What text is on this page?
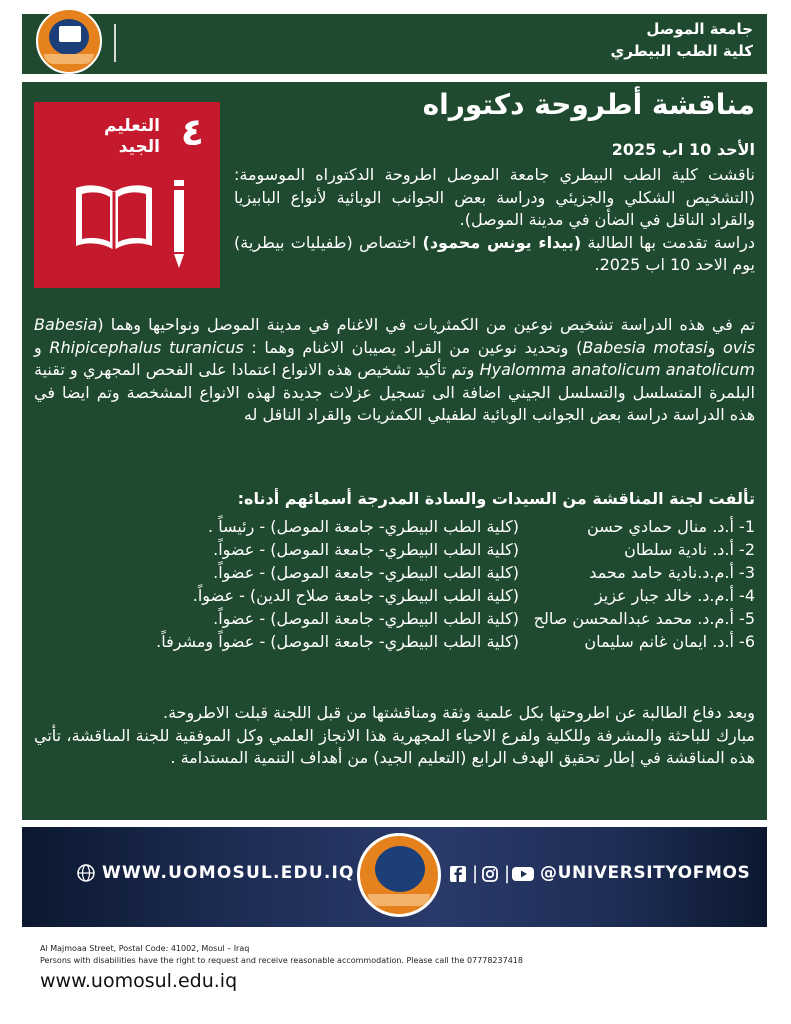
جامعة الموصل
كلية الطب البيطري
٤
التعليم
الجيد
مناقشة أطروحة دكتوراه
الأحد 10 اب 2025

ناقشت كلية الطب البيطري جامعة الموصل اطروحة الدكتوراه الموسومة: (التشخيص الشكلي والجزيئي ودراسة بعض الجوانب الوبائية لأنواع البابيزيا والقراد الناقل في الضأن في مدينة الموصل).

دراسة تقدمت بها الطالبة (بيداء يونس محمود) اختصاص (طفيليات بيطرية) يوم الاحد 10 اب 2025.

تم في هذه الدراسة تشخيص نوعين من الكمثريات في الاغنام في مدينة الموصل ونواحيها وهما (Babesia ovis وBabesia motasi) وتحديد نوعين من القراد يصيبان الاغنام وهما : Rhipicephalus turanicus و Hyalomma anatolicum anatolicum وتم تأكيد تشخيص هذه الانواع اعتمادا على الفحص المجهري و تقنية البلمرة المتسلسل والتسلسل الجيني اضافة الى تسجيل عزلات جديدة لهذه الانواع المشخصة وتم ايضا في هذه الدراسة دراسة بعض الجوانب الوبائية لطفيلي الكمثريات والقراد الناقل له

تألفت لجنة المناقشة من السيدات والسادة المدرجة أسمائهم أدناه:
1- أ.د. منال حمادي حسن
(كلية الطب البيطري- جامعة الموصل) - رئيساً .
2- أ.د. نادية سلطان
(كلية الطب البيطري- جامعة الموصل) - عضواً.
3- أ.م.د.نادية حامد محمد
(كلية الطب البيطري- جامعة الموصل) - عضواً.
4- أ.م.د. خالد جبار عزيز
(كلية الطب البيطري- جامعة صلاح الدين) - عضواً.
5- أ.م.د. محمد عبدالمحسن صالح
(كلية الطب البيطري- جامعة الموصل) - عضواً.
6- أ.د. ايمان غانم سليمان
(كلية الطب البيطري- جامعة الموصل) - عضواً ومشرفاً.

وبعد دفاع الطالبة عن اطروحتها بكل علمية وثقة ومناقشتها من قبل اللجنة قبلت الاطروحة.

مبارك للباحثة والمشرفة وللكلية ولفرع الاحياء المجهرية هذا الانجاز العلمي وكل الموفقية للجنة المناقشة، تأتي هذه المناقشة في إطار تحقيق الهدف الرابع (التعليم الجيد) من أهداف التنمية المستدامة .

WWW.UOMOSUL.EDU.IQ	| | @UNIVERSITYOFMOS
Al Majmoaa Street, Postal Code: 41002, Mosul – Iraq
Persons with disabilities have the right to request and receive reasonable accommodation. Please call the 07778237418
www.uomosul.edu.iq
